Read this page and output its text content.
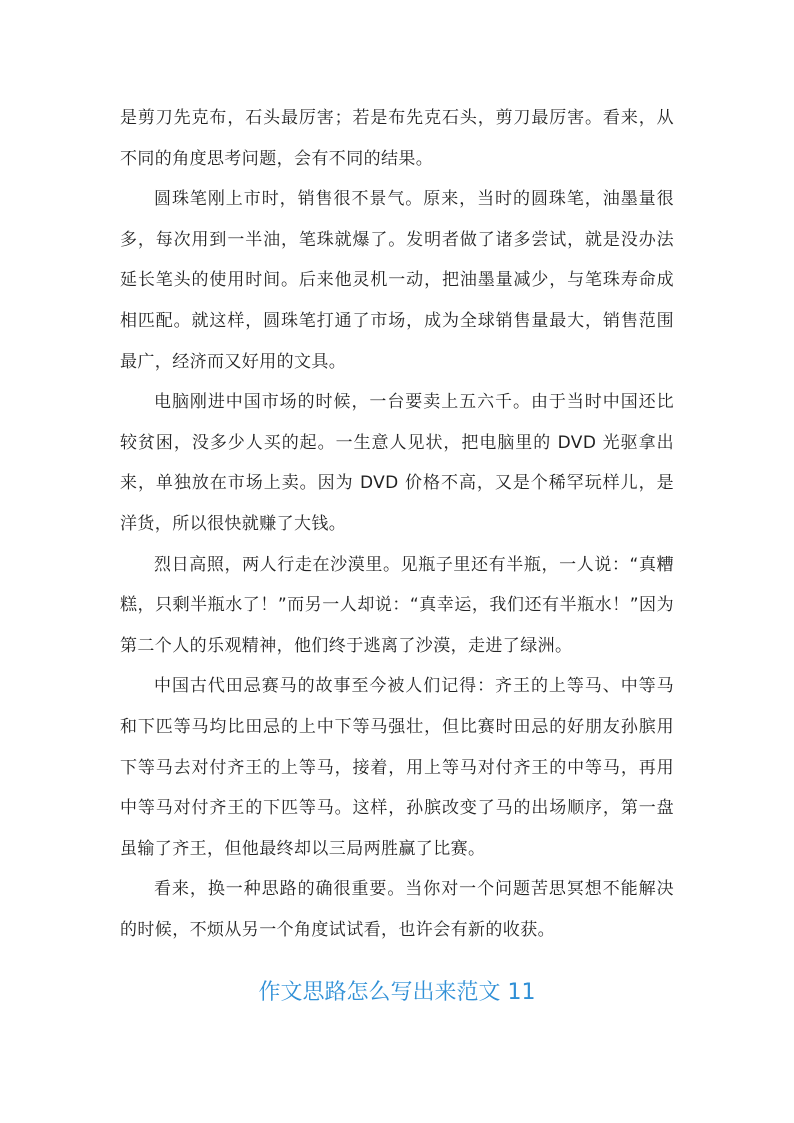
是剪刀先克布，石头最厉害；若是布先克石头，剪刀最厉害。看来，从不同的角度思考问题，会有不同的结果。

圆珠笔刚上市时，销售很不景气。原来，当时的圆珠笔，油墨量很多，每次用到一半油，笔珠就爆了。发明者做了诸多尝试，就是没办法延长笔头的使用时间。后来他灵机一动，把油墨量减少，与笔珠寿命成相匹配。就这样，圆珠笔打通了市场，成为全球销售量最大，销售范围最广，经济而又好用的文具。

电脑刚进中国市场的时候，一台要卖上五六千。由于当时中国还比较贫困，没多少人买的起。一生意人见状，把电脑里的 DVD 光驱拿出来，单独放在市场上卖。因为 DVD 价格不高，又是个稀罕玩样儿，是洋货，所以很快就赚了大钱。

烈日高照，两人行走在沙漠里。见瓶子里还有半瓶，一人说：“真糟糕，只剩半瓶水了！”而另一人却说：“真幸运，我们还有半瓶水！”因为第二个人的乐观精神，他们终于逃离了沙漠，走进了绿洲。

中国古代田忌赛马的故事至今被人们记得：齐王的上等马、中等马和下匹等马均比田忌的上中下等马强壮，但比赛时田忌的好朋友孙膑用下等马去对付齐王的上等马，接着，用上等马对付齐王的中等马，再用中等马对付齐王的下匹等马。这样，孙膑改变了马的出场顺序，第一盘虽输了齐王，但他最终却以三局两胜赢了比赛。

看来，换一种思路的确很重要。当你对一个问题苦思冥想不能解决的时候，不烦从另一个角度试试看，也许会有新的收获。

作文思路怎么写出来范文 11
